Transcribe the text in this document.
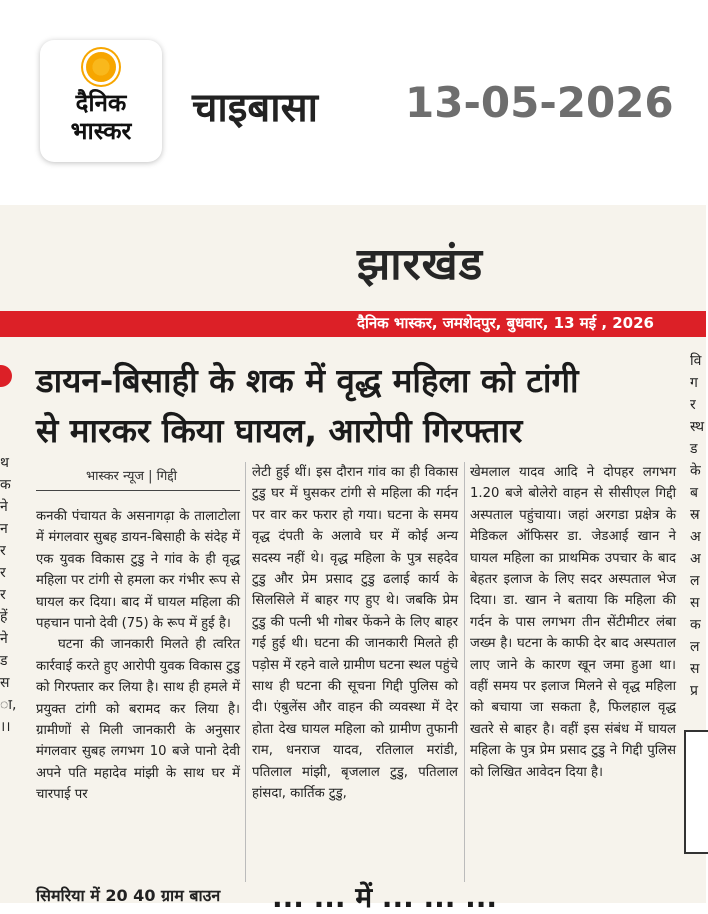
दैनिक
भास्कर	चाइबासा 13-05-2026
झारखंड
दैनिक भास्कर, जमशेदपुर, बुधवार, 13 मई , 2026
डायन-बिसाही के शक में वृद्ध महिला को टांगी
से मारकर किया घायल, आरोपी गिरफ्तार
थ क ने न र र र हें ने ड स ा, ।।
वि ग र स्थ ड के ब स्र अ अ ल स क ल स प्र
भास्कर न्यूज | गिद्दी

कनकी पंचायत के असनागढ़ा के तालाटोला में मंगलवार सुबह डायन-बिसाही के संदेह में एक युवक विकास टुडु ने गांव के ही वृद्ध महिला पर टांगी से हमला कर गंभीर रूप से घायल कर दिया। बाद में घायल महिला की पहचान पानो देवी (75) के रूप में हुई है।

घटना की जानकारी मिलते ही त्वरित कार्रवाई करते हुए आरोपी युवक विकास टुडु को गिरफ्तार कर लिया है। साथ ही हमले में प्रयुक्त टांगी को बरामद कर लिया है। ग्रामीणों से मिली जानकारी के अनुसार मंगलवार सुबह लगभग 10 बजे पानो देवी अपने पति महादेव मांझी के साथ घर में चारपाई पर

लेटी हुई थीं। इस दौरान गांव का ही विकास टुडु घर में घुसकर टांगी से महिला की गर्दन पर वार कर फरार हो गया। घटना के समय वृद्ध दंपती के अलावे घर में कोई अन्य सदस्य नहीं थे। वृद्ध महिला के पुत्र सहदेव टुडु और प्रेम प्रसाद टुडु ढलाई कार्य के सिलसिले में बाहर गए हुए थे। जबकि प्रेम टुडु की पत्नी भी गोबर फेंकने के लिए बाहर गई हुई थी। घटना की जानकारी मिलते ही पड़ोस में रहने वाले ग्रामीण घटना स्थल पहुंचे साथ ही घटना की सूचना गिद्दी पुलिस को दी। एंबुलेंस और वाहन की व्यवस्था में देर होता देख घायल महिला को ग्रामीण तुफानी राम, धनराज यादव, रतिलाल मरांडी, पतिलाल मांझी, बृजलाल टुडु, पतिलाल हांसदा, कार्तिक टुडु,

खेमलाल यादव आदि ने दोपहर लगभग 1.20 बजे बोलेरो वाहन से सीसीएल गिद्दी अस्पताल पहुंचाया। जहां अरगडा प्रक्षेत्र के मेडिकल ऑफिसर डा. जेडआई खान ने घायल महिला का प्राथमिक उपचार के बाद बेहतर इलाज के लिए सदर अस्पताल भेज दिया। डा. खान ने बताया कि महिला की गर्दन के पास लगभग तीन सेंटीमीटर लंबा जख्म है। घटना के काफी देर बाद अस्पताल लाए जाने के कारण खून जमा हुआ था। वहीं समय पर इलाज मिलने से वृद्ध महिला को बचाया जा सकता है, फिलहाल वृद्ध खतरे से बाहर है। वहीं इस संबंध में घायल महिला के पुत्र प्रेम प्रसाद टुडु ने गिद्दी पुलिस को लिखित आवेदन दिया है।

सिमरिया में 20 40 ग्राम बाउन ... ... में ... ... ...
